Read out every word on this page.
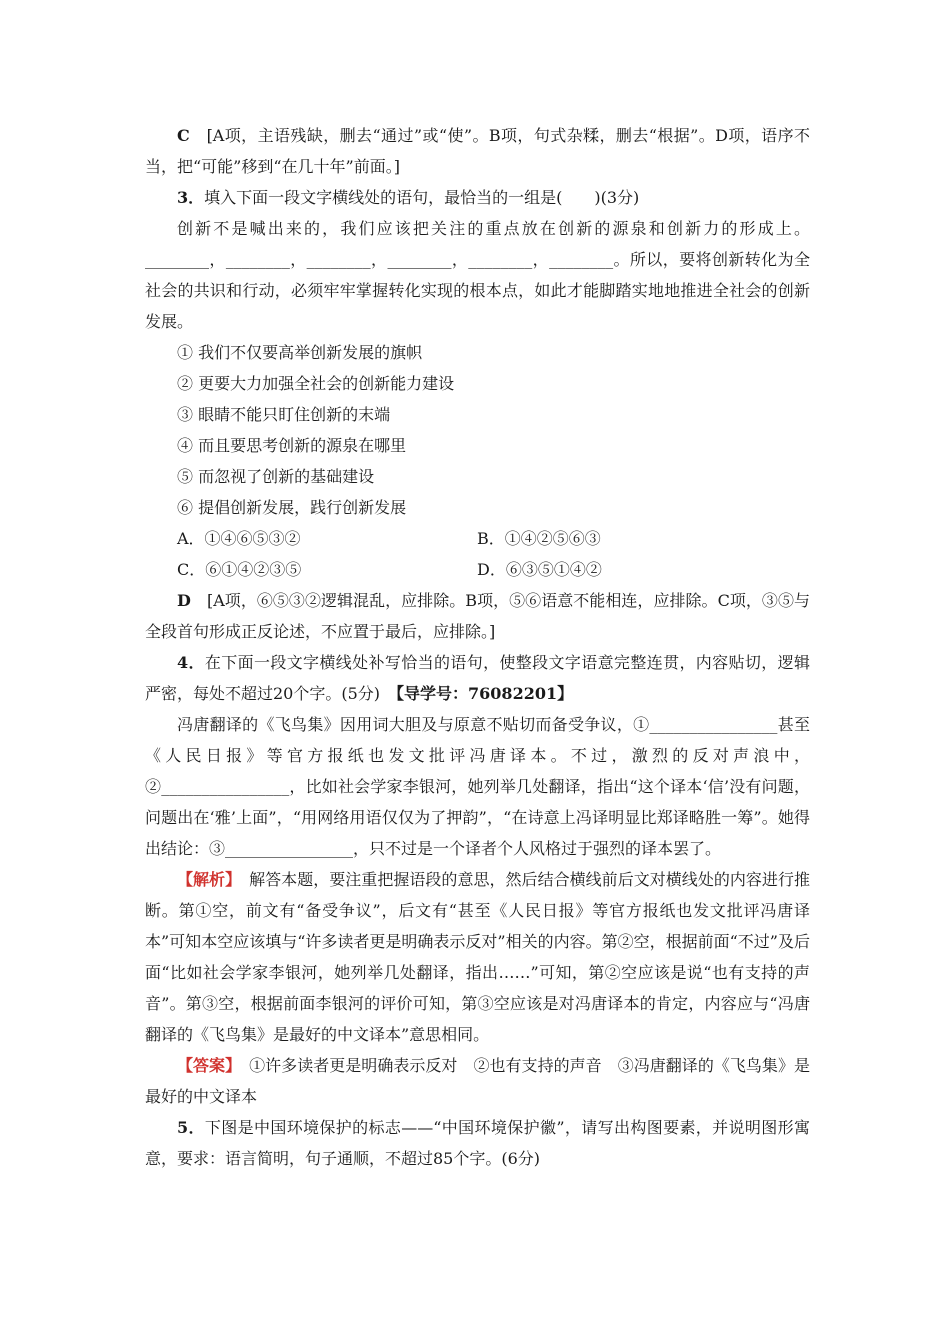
C　 [A项，主语残缺，删去“通过”或“使”。B项，句式杂糅，删去“根据”。D项，语序不当，把“可能”移到“在几十年”前面。]

3．填入下面一段文字横线处的语句，最恰当的一组是(　　)(3分)

创新不是喊出来的，我们应该把关注的重点放在创新的源泉和创新力的形成上。________，________，________，________，________，________。所以，要将创新转化为全社会的共识和行动，必须牢牢掌握转化实现的根本点，如此才能脚踏实地地推进全社会的创新发展。

① 我们不仅要高举创新发展的旗帜

② 更要大力加强全社会的创新能力建设

③ 眼睛不能只盯住创新的末端

④ 而且要思考创新的源泉在哪里

⑤ 而忽视了创新的基础建设

⑥ 提倡创新发展，践行创新发展

A．①④⑥⑤③②	B．①④②⑤⑥③
C．⑥①④②③⑤	D．⑥③⑤①④②

D　 [A项，⑥⑤③②逻辑混乱，应排除。B项，⑤⑥语意不能相连，应排除。C项，③⑤与全段首句形成正反论述，不应置于最后，应排除。]

4．在下面一段文字横线处补写恰当的语句，使整段文字语意完整连贯，内容贴切，逻辑严密，每处不超过20个字。(5分)　【导学号：76082201】

冯唐翻译的《飞鸟集》因用词大胆及与原意不贴切而备受争议，①________________甚至《人民日报》等官方报纸也发文批评冯唐译本。不过，激烈的反对声浪中，②________________，比如社会学家李银河，她列举几处翻译，指出“这个译本‘信’没有问题，问题出在‘雅’上面”，“用网络用语仅仅为了押韵”，“在诗意上冯译明显比郑译略胜一筹”。她得出结论：③________________，只不过是一个译者个人风格过于强烈的译本罢了。

【解析】　解答本题，要注重把握语段的意思，然后结合横线前后文对横线处的内容进行推断。第①空，前文有“备受争议”，后文有“甚至《人民日报》等官方报纸也发文批评冯唐译本”可知本空应该填与“许多读者更是明确表示反对”相关的内容。第②空，根据前面“不过”及后面“比如社会学家李银河，她列举几处翻译，指出……”可知，第②空应该是说“也有支持的声音”。第③空，根据前面李银河的评价可知，第③空应该是对冯唐译本的肯定，内容应与“冯唐翻译的《飞鸟集》是最好的中文译本”意思相同。

【答案】　①许多读者更是明确表示反对　②也有支持的声音　③冯唐翻译的《飞鸟集》是最好的中文译本

5．下图是中国环境保护的标志——“中国环境保护徽”，请写出构图要素，并说明图形寓意，要求：语言简明，句子通顺，不超过85个字。(6分)
